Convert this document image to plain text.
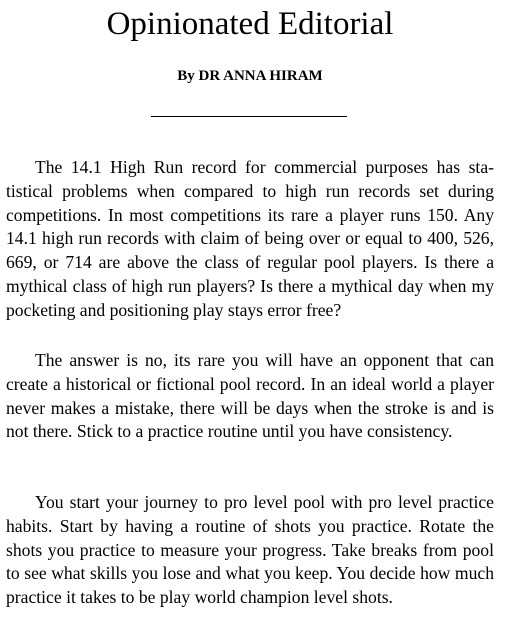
Opinionated Editorial
By DR ANNA HIRAM

The 14.1 High Run record for commercial purposes has statistical problems when compared to high run records set during competitions. In most competitions its rare a player runs 150. Any 14.1 high run records with claim of being over or equal to 400, 526, 669, or 714 are above the class of regular pool players. Is there a mythical class of high run players? Is there a mythical day when my pocketing and positioning play stays error free?

The answer is no, its rare you will have an opponent that can create a historical or fictional pool record. In an ideal world a player never makes a mistake, there will be days when the stroke is and is not there. Stick to a practice routine until you have consistency.

You start your journey to pro level pool with pro level practice habits. Start by having a routine of shots you practice. Rotate the shots you practice to measure your progress. Take breaks from pool to see what skills you lose and what you keep. You decide how much practice it takes to be play world champion level shots.
